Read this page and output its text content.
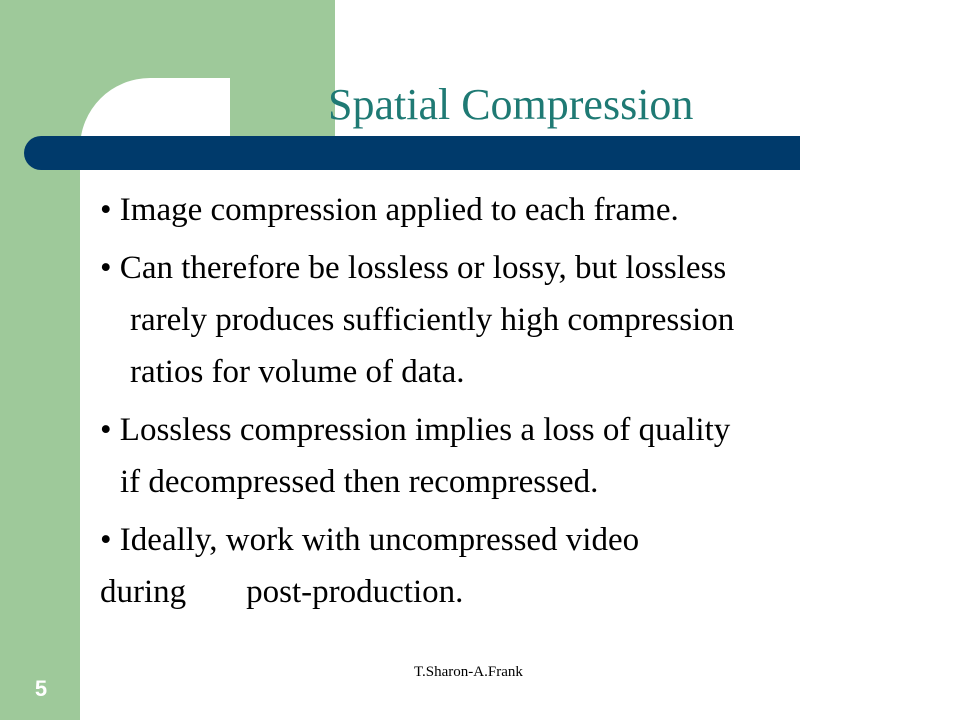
Spatial Compression
• Image compression applied to each frame.
• Can therefore be lossless or lossy, but lossless
rarely produces sufficiently high compression
ratios for volume of data.
• Lossless compression implies a loss of quality
if decompressed then recompressed.
• Ideally, work with uncompressed video
during post-production.
T.Sharon-A.Frank
5
